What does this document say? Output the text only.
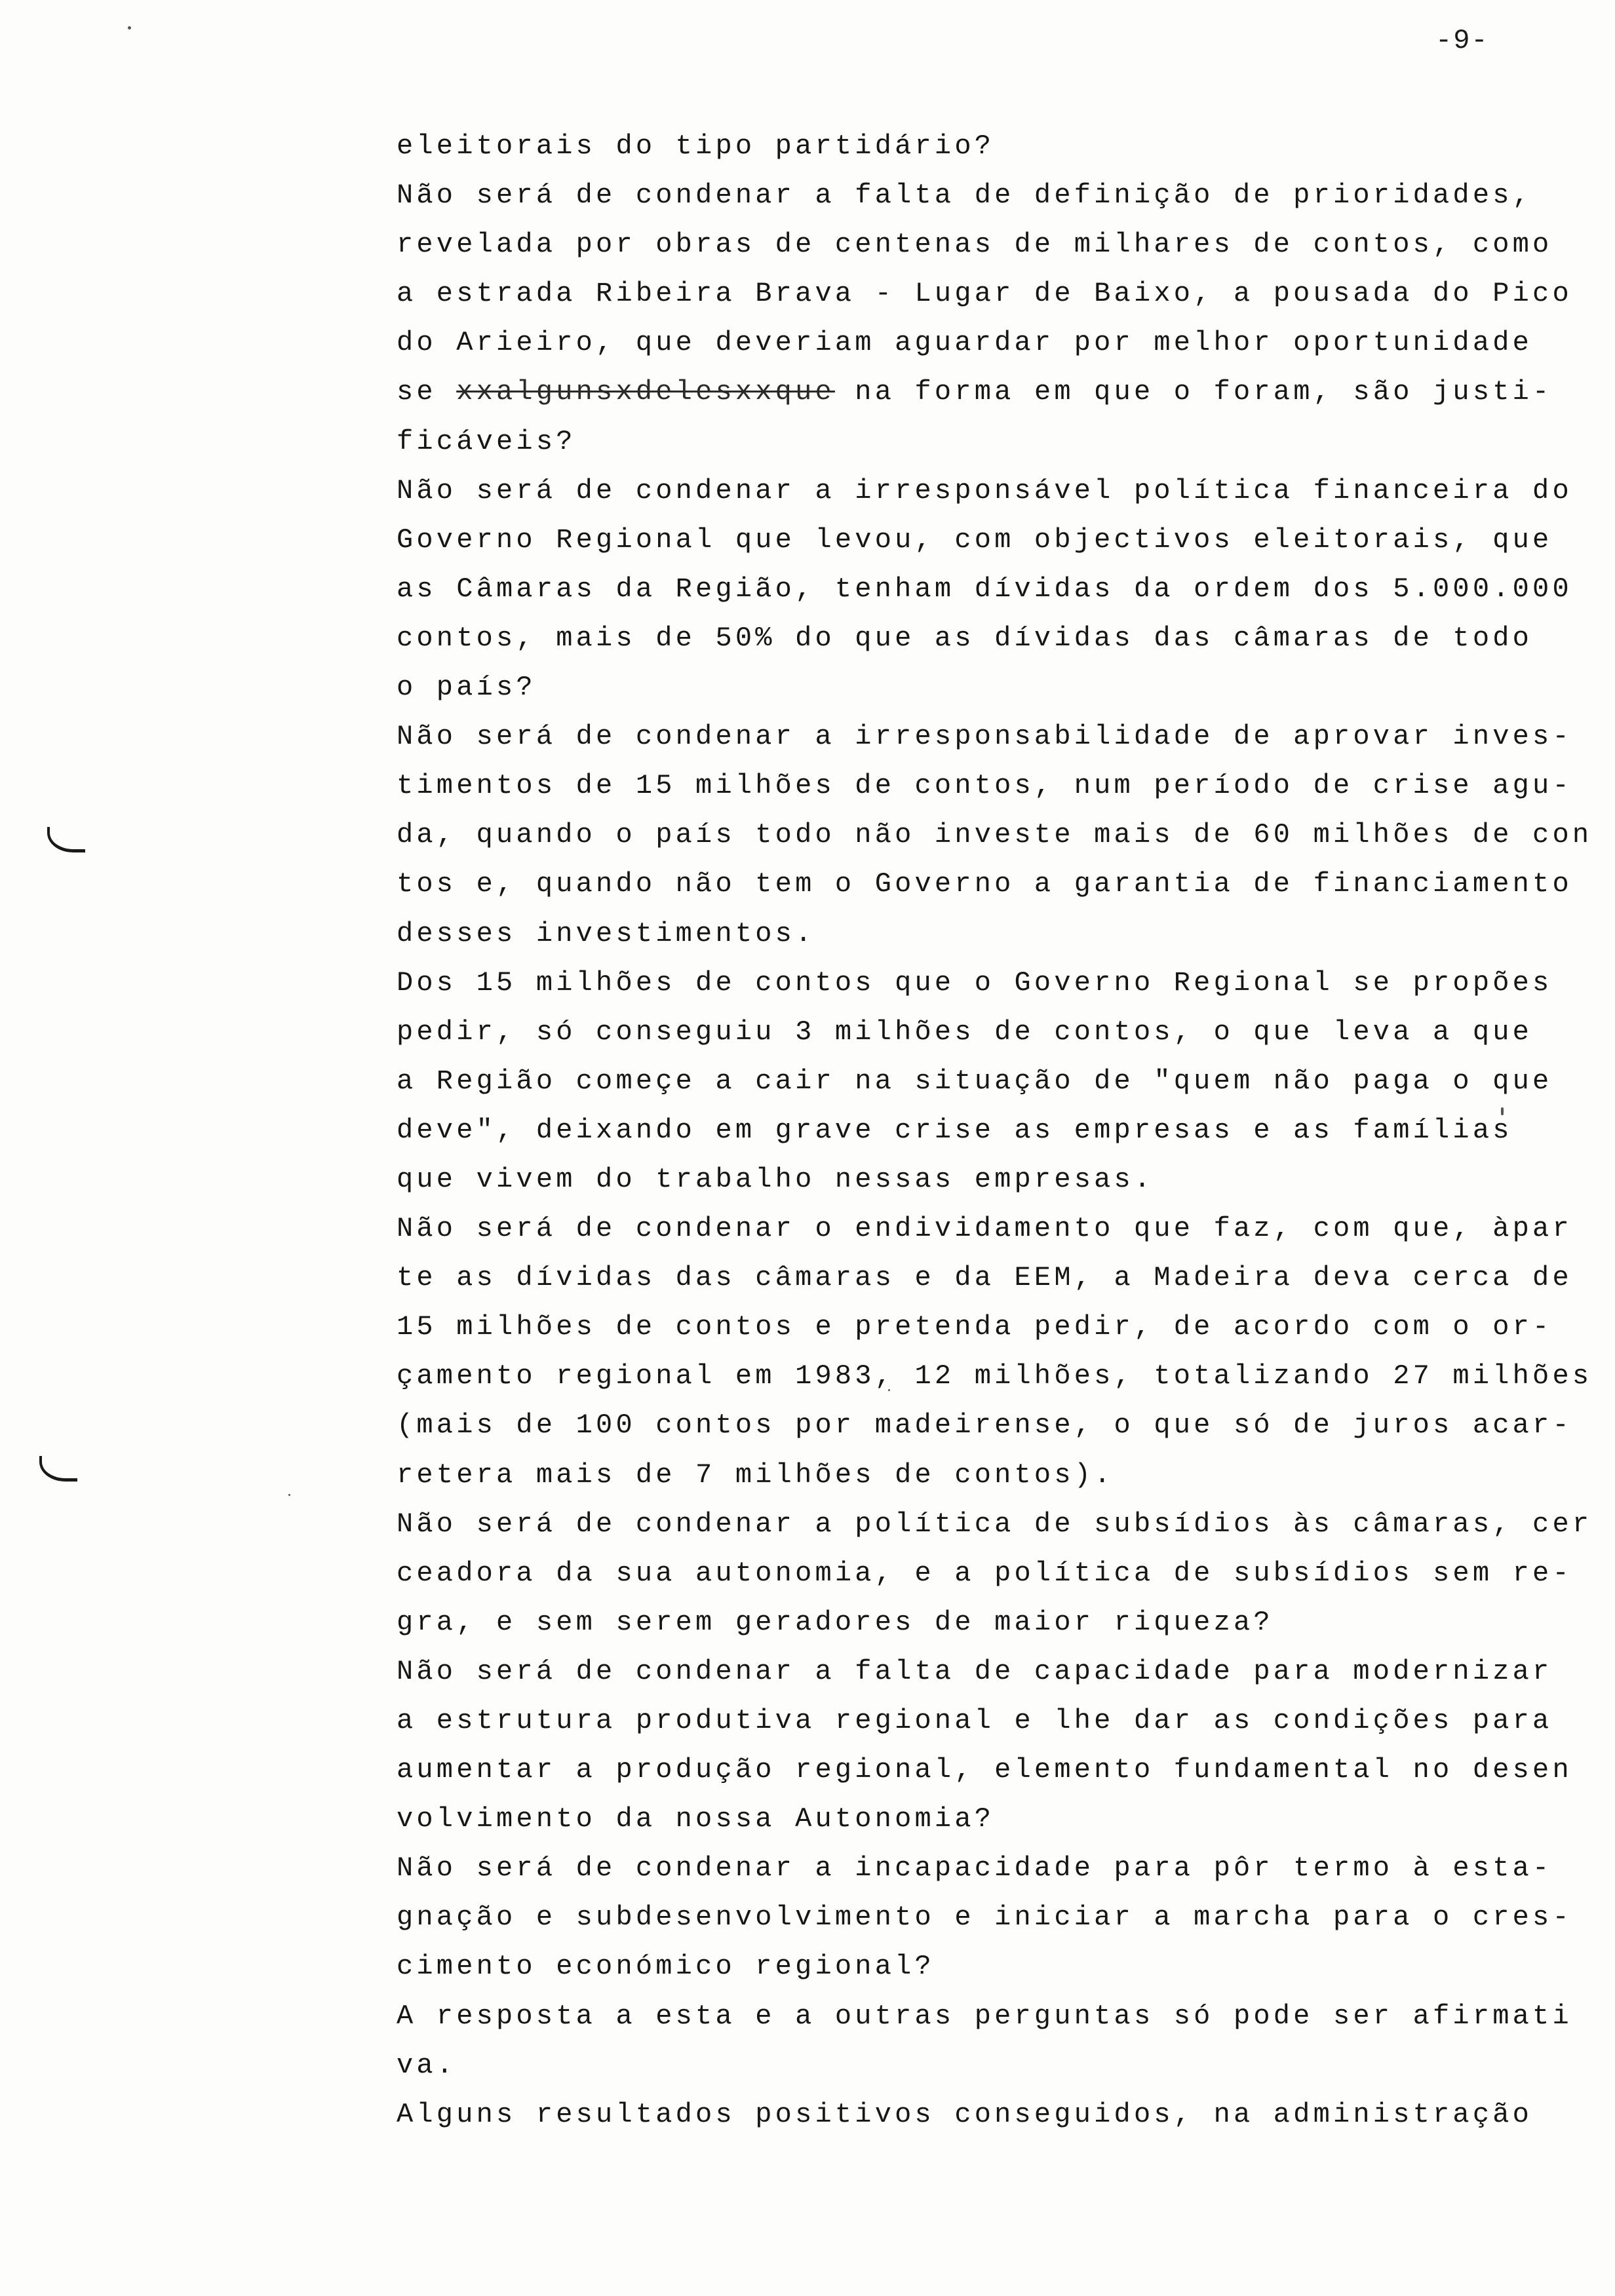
-9-
eleitorais do tipo partidário?
Não será de condenar a falta de definição de prioridades,
revelada por obras de centenas de milhares de contos, como
a estrada Ribeira Brava - Lugar de Baixo, a pousada do Pico
do Arieiro, que deveriam aguardar por melhor oportunidade
se xxalgunsxdelesxxque na forma em que o foram, são justi-
ficáveis?
Não será de condenar a irresponsável política financeira do
Governo Regional que levou, com objectivos eleitorais, que
as Câmaras da Região, tenham dívidas da ordem dos 5.000.000
contos, mais de 50% do que as dívidas das câmaras de todo
o país?
Não será de condenar a irresponsabilidade de aprovar inves-
timentos de 15 milhões de contos, num período de crise agu-
da, quando o país todo não investe mais de 60 milhões de con
tos e, quando não tem o Governo a garantia de financiamento
desses investimentos.
Dos 15 milhões de contos que o Governo Regional se propões
pedir, só conseguiu 3 milhões de contos, o que leva a que
a Região começe a cair na situação de "quem não paga o que
deve", deixando em grave crise as empresas e as famílias
que vivem do trabalho nessas empresas.
Não será de condenar o endividamento que faz, com que, àpar
te as dívidas das câmaras e da EEM, a Madeira deva cerca de
15 milhões de contos e pretenda pedir, de acordo com o or-
çamento regional em 1983, 12 milhões, totalizando 27 milhões
(mais de 100 contos por madeirense, o que só de juros acar-
retera mais de 7 milhões de contos).
Não será de condenar a política de subsídios às câmaras, cer
ceadora da sua autonomia, e a política de subsídios sem re-
gra, e sem serem geradores de maior riqueza?
Não será de condenar a falta de capacidade para modernizar
a estrutura produtiva regional e lhe dar as condições para
aumentar a produção regional, elemento fundamental no desen
volvimento da nossa Autonomia?
Não será de condenar a incapacidade para pôr termo à esta-
gnação e subdesenvolvimento e iniciar a marcha para o cres-
cimento económico regional?
A resposta a esta e a outras perguntas só pode ser afirmati
va.
Alguns resultados positivos conseguidos, na administração
